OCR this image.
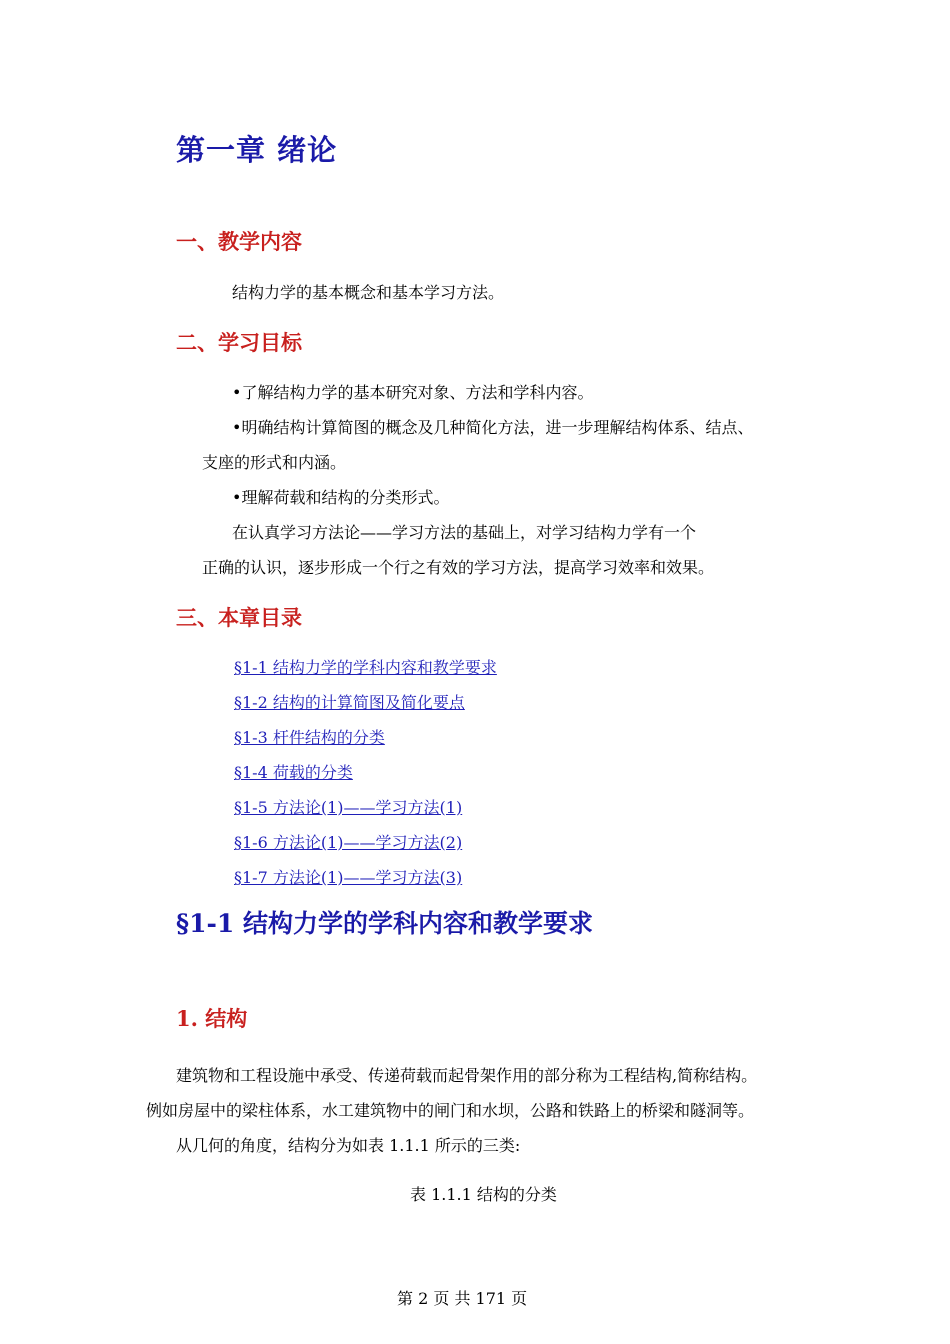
第一章 绪论
一、教学内容
结构力学的基本概念和基本学习方法。
二、学习目标
•了解结构力学的基本研究对象、方法和学科内容。
•明确结构计算简图的概念及几种简化方法，进一步理解结构体系、结点、
支座的形式和内涵。
•理解荷载和结构的分类形式。
在认真学习方法论——学习方法的基础上，对学习结构力学有一个
正确的认识，逐步形成一个行之有效的学习方法，提高学习效率和效果。
三、本章目录
§1-1 结构力学的学科内容和教学要求
§1-2 结构的计算简图及简化要点
§1-3 杆件结构的分类
§1-4 荷载的分类
§1-5 方法论(1)——学习方法(1)
§1-6 方法论(1)——学习方法(2)
§1-7 方法论(1)——学习方法(3)
§1-1 结构力学的学科内容和教学要求
1. 结构
建筑物和工程设施中承受、传递荷载而起骨架作用的部分称为工程结构,简称结构。
例如房屋中的梁柱体系，水工建筑物中的闸门和水坝，公路和铁路上的桥梁和隧洞等。
从几何的角度，结构分为如表 1.1.1 所示的三类:
表 1.1.1 结构的分类
第 2 页 共 171 页
